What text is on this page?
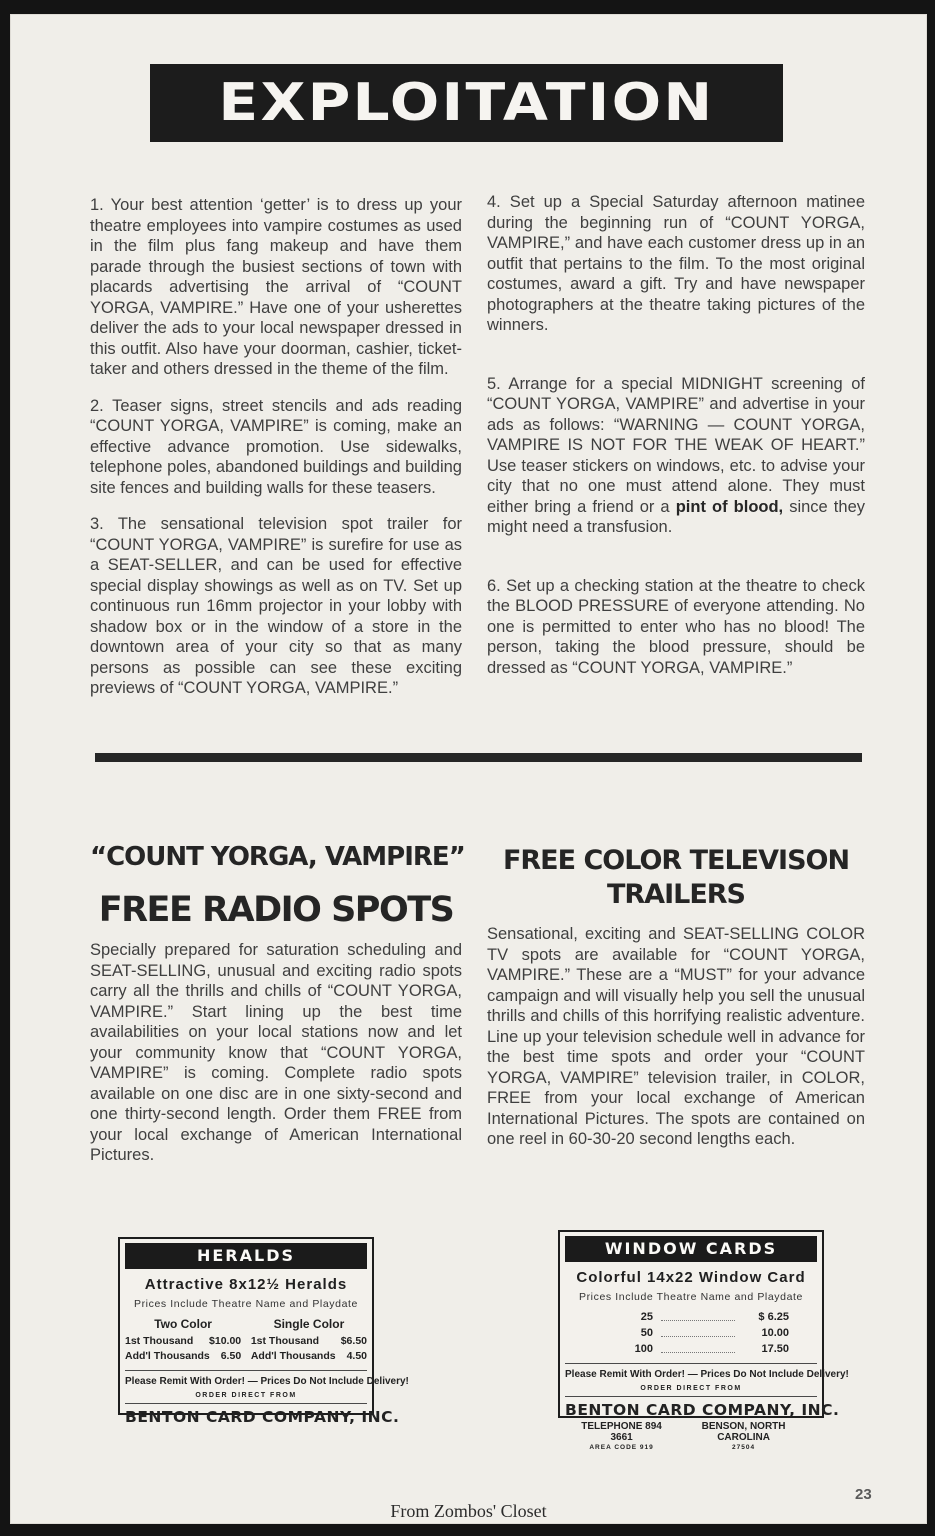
EXPLOITATION

1. Your best attention ‘getter’ is to dress up your theatre employees into vampire costumes as used in the film plus fang makeup and have them parade through the busiest sections of town with placards advertising the arrival of “COUNT YORGA, VAMPIRE.” Have one of your usherettes deliver the ads to your local newspaper dressed in this outfit. Also have your doorman, cashier, ticket-taker and others dressed in the theme of the film.

2. Teaser signs, street stencils and ads reading “COUNT YORGA, VAMPIRE” is coming, make an effective advance promotion. Use sidewalks, telephone poles, abandoned buildings and building site fences and building walls for these teasers.

3. The sensational television spot trailer for “COUNT YORGA, VAMPIRE” is surefire for use as a SEAT-SELLER, and can be used for effective special display showings as well as on TV. Set up continuous run 16mm projector in your lobby with shadow box or in the window of a store in the downtown area of your city so that as many persons as possible can see these exciting previews of “COUNT YORGA, VAMPIRE.”

4. Set up a Special Saturday afternoon matinee during the beginning run of “COUNT YORGA, VAMPIRE,” and have each customer dress up in an outfit that pertains to the film. To the most original costumes, award a gift. Try and have newspaper photographers at the theatre taking pictures of the winners.

5. Arrange for a special MIDNIGHT screening of “COUNT YORGA, VAMPIRE” and advertise in your ads as follows: “WARNING — COUNT YORGA, VAMPIRE IS NOT FOR THE WEAK OF HEART.” Use teaser stickers on windows, etc. to advise your city that no one must attend alone. They must either bring a friend or a pint of blood, since they might need a transfusion.

6. Set up a checking station at the theatre to check the BLOOD PRESSURE of everyone attending. No one is permitted to enter who has no blood! The person, taking the blood pressure, should be dressed as “COUNT YORGA, VAMPIRE.”

“COUNT YORGA, VAMPIRE”
FREE RADIO SPOTS

Specially prepared for saturation scheduling and SEAT-SELLING, unusual and exciting radio spots carry all the thrills and chills of “COUNT YORGA, VAMPIRE.” Start lining up the best time availabilities on your local stations now and let your community know that “COUNT YORGA, VAMPIRE” is coming. Complete radio spots available on one disc are in one sixty-second and one thirty-second length. Order them FREE from your local exchange of American International Pictures.

FREE COLOR TELEVISON
TRAILERS

Sensational, exciting and SEAT-SELLING COLOR TV spots are available for “COUNT YORGA, VAMPIRE.” These are a “MUST” for your advance campaign and will visually help you sell the unusual thrills and chills of this horrifying realistic adventure. Line up your television schedule well in advance for the best time spots and order your “COUNT YORGA, VAMPIRE” television trailer, in COLOR, FREE from your local exchange of American International Pictures. The spots are contained on one reel in 60-30-20 second lengths each.

HERALDS
Attractive 8x12½ Heralds
Prices Include Theatre Name and Playdate
Two Color
1st Thousand $10.00
Add'l Thousands 6.50
Single Color
1st Thousand $6.50
Add'l Thousands 4.50
Please Remit With Order! — Prices Do Not Include Delivery!
ORDER DIRECT FROM
BENTON CARD COMPANY, INC.
WINDOW CARDS
Colorful 14x22 Window Card
Prices Include Theatre Name and Playdate
25	$ 6.25
50	10.00
100	17.50
Please Remit With Order! — Prices Do Not Include Delivery!
ORDER DIRECT FROM
BENTON CARD COMPANY, INC.
TELEPHONE 894 3661
AREA CODE 919
BENSON, NORTH CAROLINA
27504
23
From Zombos' Closet
